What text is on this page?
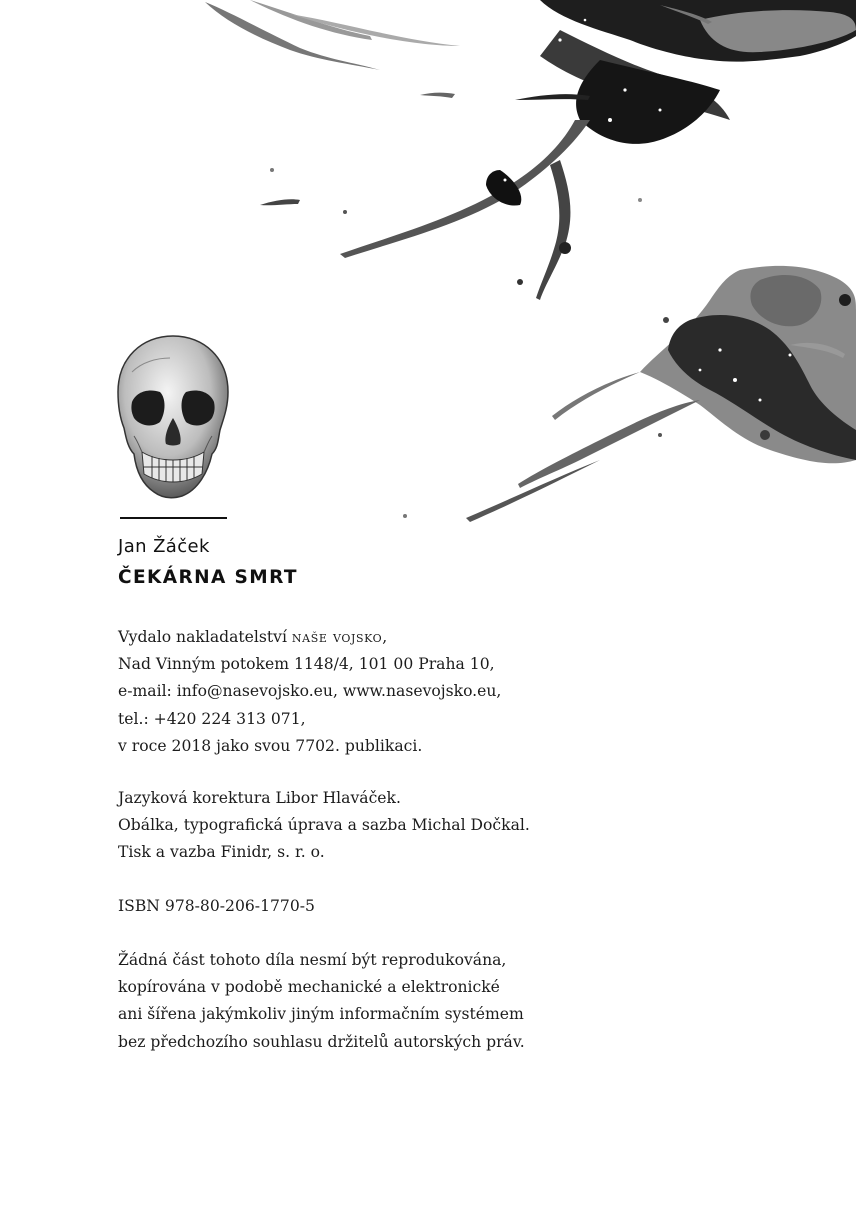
Jan Žáček
ČEKÁRNA SMRT
Vydalo nakladatelství naše vojsko,
Nad Vinným potokem 1148/4, 101 00 Praha 10,
e-mail: info@nasevojsko.eu, www.nasevojsko.eu,
tel.: +420 224 313 071,
v roce 2018 jako svou 7702. publikaci.
Jazyková korektura Libor Hlaváček.
Obálka, typografická úprava a sazba Michal Dočkal.
Tisk a vazba Finidr, s. r. o.
ISBN 978-80-206-1770-5
Žádná část tohoto díla nesmí být reprodukována,
kopírována v podobě mechanické a elektronické
ani šířena jakýmkoliv jiným informačním systémem
bez předchozího souhlasu držitelů autorských práv.
